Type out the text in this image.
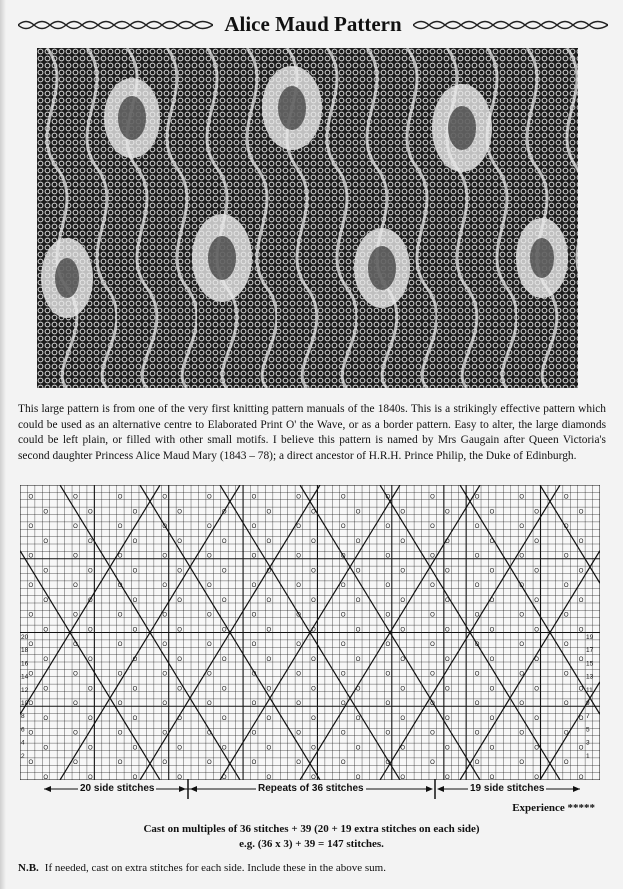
Alice Maud Pattern
This large pattern is from one of the very first knitting pattern manuals of the 1840s. This is a strikingly effective pattern which could be used as an alternative centre to Elaborated Print O' the Wave, or as a border pattern. Easy to alter, the large diamonds could be left plain, or filled with other small motifs. I believe this pattern is named by Mrs Gaugain after Queen Victoria's second daughter Princess Alice Maud Mary (1843 – 78); a direct ancestor of H.R.H. Prince Philip, the Duke of Edinburgh.
O	O	O	O	O	O	O	O	O	O	O	O	O
O	O	O	O	O	O	O	O	O	O	O	O	O
O	O	O	O	O	O	O	O	O	O	O	O	O
O	O	O	O	O	O	O	O	O	O	O	O	O
O	O	O	O	O	O	O	O	O	O	O	O	O
O	O	O	O	O	O	O	O	O	O	O	O	O
O	O	O	O	O	O	O	O	O	O	O	O	O
O	O	O	O	O	O	O	O	O	O	O	O	O
O	O	O	O	O	O	O	O	O	O	O	O	O
O	O	O	O	O	O	O	O	O	O	O	O	O
O	O	O	O	O	O	O	O	O	O	O	O	O
O	O	O	O	O	O	O	O	O	O	O	O	O
O	O	O	O	O	O	O	O	O	O	O	O	O
O	O	O	O	O	O	O	O	O	O	O	O	O
O	O	O	O	O	O	O	O	O	O	O	O	O
O	O	O	O	O	O	O	O	O	O	O	O	O
O	O	O	O	O	O	O	O	O	O	O	O	O
O	O	O	O	O	O	O	O	O	O	O	O	O
O	O	O	O	O	O	O	O	O	O	O	O	O
O	O	O	O	O	O	O	O	O	O	O	O	O
20
18
16
14
12
10
8
6
4
2
19
17
15
13
11
9
7
5
3
1
20 side stitches	Repeats of 36 stitches	19 side stitches
Experience *****
Cast on multiples of 36 stitches + 39 (20 + 19 extra stitches on each side)
e.g. (36 x 3) + 39 = 147 stitches.
N.B. If needed, cast on extra stitches for each side. Include these in the above sum.
